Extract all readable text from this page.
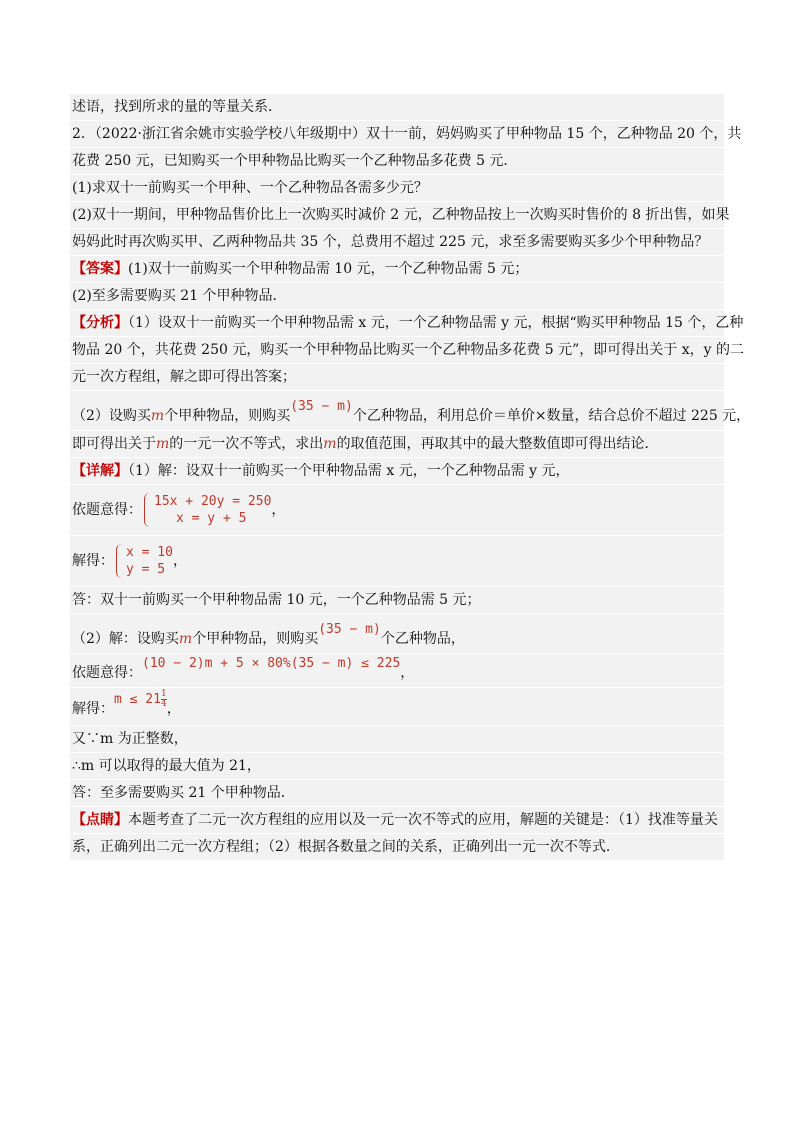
述语，找到所求的量的等量关系．
2．（2022·浙江省余姚市实验学校八年级期中）双十一前，妈妈购买了甲种物品 15 个，乙种物品 20 个，共
花费 250 元，已知购买一个甲种物品比购买一个乙种物品多花费 5 元．
(1)求双十一前购买一个甲种、一个乙种物品各需多少元？
(2)双十一期间，甲种物品售价比上一次购买时减价 2 元，乙种物品按上一次购买时售价的 8 折出售，如果
妈妈此时再次购买甲、乙两种物品共 35 个，总费用不超过 225 元，求至多需要购买多少个甲种物品？
【答案】(1)双十一前购买一个甲种物品需 10 元，一个乙种物品需 5 元；
(2)至多需要购买 21 个甲种物品．
【分析】（1）设双十一前购买一个甲种物品需 x 元，一个乙种物品需 y 元，根据“购买甲种物品 15 个，乙种
物品 20 个，共花费 250 元，购买一个甲种物品比购买一个乙种物品多花费 5 元”，即可得出关于 x，y 的二
元一次方程组，解之即可得出答案；
（2）设购买m个甲种物品，则购买(35 − m)个乙种物品，利用总价＝单价×数量，结合总价不超过 225 元，
即可得出关于m的一元一次不等式，求出m的取值范围，再取其中的最大整数值即可得出结论．
【详解】（1）解：设双十一前购买一个甲种物品需 x 元，一个乙种物品需 y 元，
依题意得：
15x + 20y = 250
x = y + 5
，
解得：
x = 10
y = 5
，
答：双十一前购买一个甲种物品需 10 元，一个乙种物品需 5 元；
（2）解：设购买m个甲种物品，则购买(35 − m)个乙种物品，
依题意得：(10 − 2)m + 5 × 80%(35 − m) ≤ 225，
解得：$m \le 21 \frac{1}{4}$
，
又∵m 为正整数，
∴m 可以取得的最大值为 21，
答：至多需要购买 21 个甲种物品．
【点睛】本题考查了二元一次方程组的应用以及一元一次不等式的应用，解题的关键是：（1）找准等量关
系，正确列出二元一次方程组；（2）根据各数量之间的关系，正确列出一元一次不等式．
